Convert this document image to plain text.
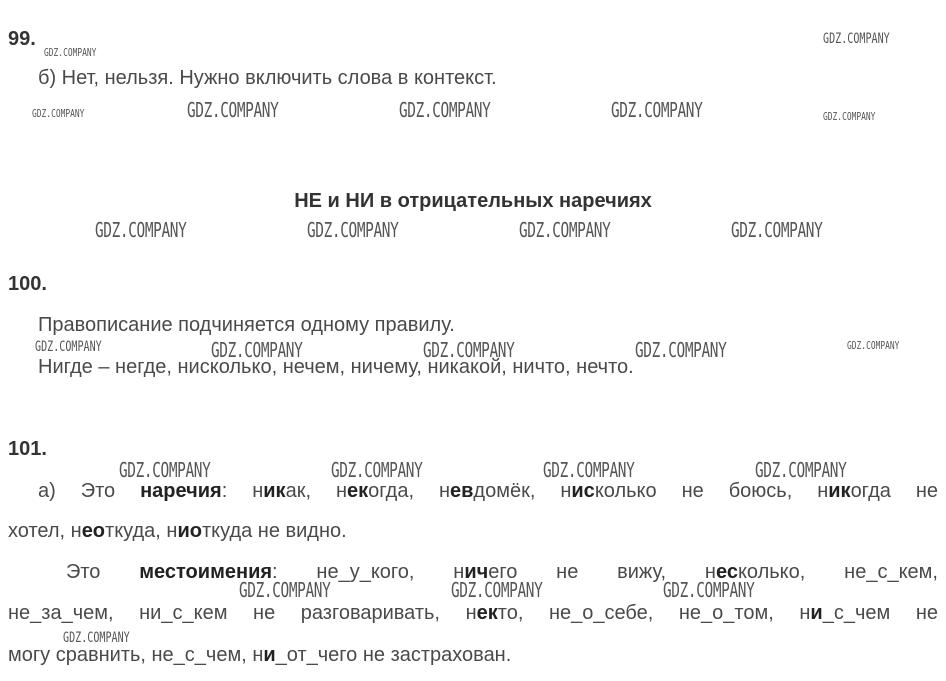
99.
б) Нет, нельзя. Нужно включить слова в контекст.
НЕ и НИ в отрицательных наречиях
100.
Правописание подчиняется одному правилу.
Нигде – негде, нисколько, нечем, ничему, никакой, ничто, нечто.
101.
а) Это наречия: никак, некогда, невдомёк, нисколько не боюсь, никогда не
хотел, неоткуда, ниоткуда не видно.
Это местоимения: не_у_кого, ничего не вижу, несколько, не_с_кем,
не_за_чем, ни_с_кем не разговаривать, некто, не_о_себе, не_о_том, ни_с_чем не
могу сравнить, не_с_чем, ни_от_чего не застрахован.
GDZ.COMPANY
GDZ.COMPANY
GDZ.COMPANY	GDZ.COMPANY	GDZ.COMPANY	GDZ.COMPANY	GDZ.COMPANY
GDZ.COMPANY	GDZ.COMPANY	GDZ.COMPANY	GDZ.COMPANY
GDZ.COMPANY	GDZ.COMPANY	GDZ.COMPANY	GDZ.COMPANY	GDZ.COMPANY
GDZ.COMPANY	GDZ.COMPANY	GDZ.COMPANY	GDZ.COMPANY
GDZ.COMPANY	GDZ.COMPANY	GDZ.COMPANY
GDZ.COMPANY
